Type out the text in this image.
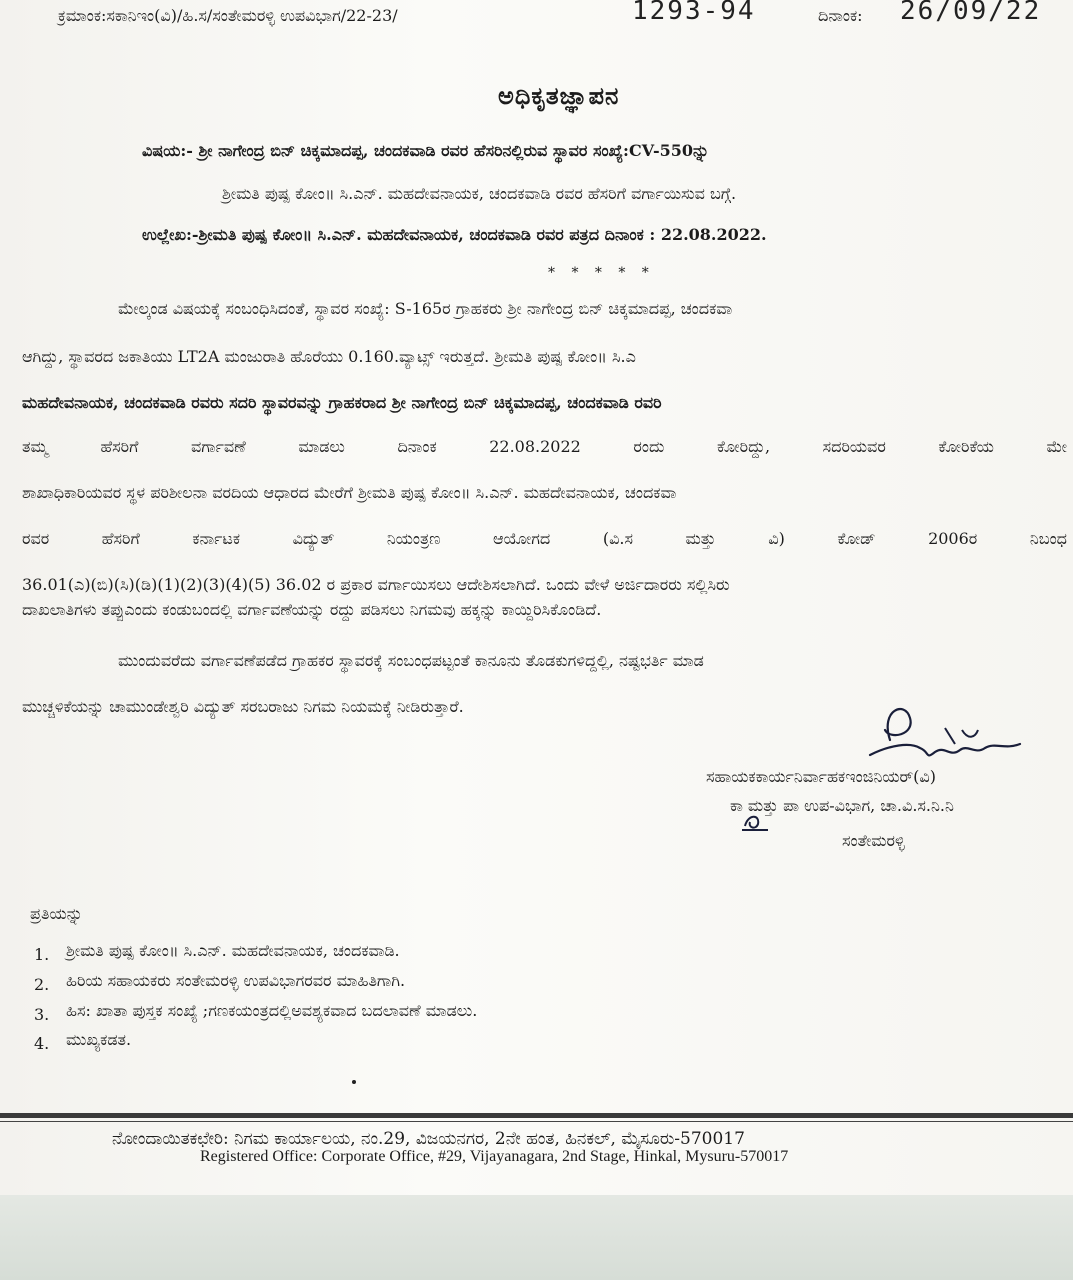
ಕ್ರಮಾಂಕ:ಸಕಾನಿಇಂ(ವಿ)/ಹಿ.ಸ/ಸಂತೇಮರಳ್ಳಿ ಉಪವಿಭಾಗ/22-23/	1293-94	ದಿನಾಂಕ: 26/09/22
ಅಧಿಕೃತಜ್ಞಾಪನ
ವಿಷಯ:- ಶ್ರೀ ನಾಗೇಂದ್ರ ಬಿನ್ ಚಿಕ್ಕಮಾದಪ್ಪ, ಚಂದಕವಾಡಿ ರವರ ಹೆಸರಿನಲ್ಲಿರುವ ಸ್ಥಾವರ ಸಂಖ್ಯೆ:CV-550ನ್ನು
ಶ್ರೀಮತಿ ಪುಷ್ಪ ಕೋಂ॥ ಸಿ.ಎನ್. ಮಹದೇವನಾಯಕ, ಚಂದಕವಾಡಿ ರವರ ಹೆಸರಿಗೆ ವರ್ಗಾಯಿಸುವ ಬಗ್ಗೆ.
ಉಲ್ಲೇಖ:-ಶ್ರೀಮತಿ ಪುಷ್ಪ ಕೋಂ॥ ಸಿ.ಎನ್. ಮಹದೇವನಾಯಕ, ಚಂದಕವಾಡಿ ರವರ ಪತ್ರದ ದಿನಾಂಕ : 22.08.2022.
* * * * *
ಮೇಲ್ಕಂಡ ವಿಷಯಕ್ಕೆ ಸಂಬಂಧಿಸಿದಂತೆ, ಸ್ಥಾವರ ಸಂಖ್ಯೆ: S-165ರ ಗ್ರಾಹಕರು ಶ್ರೀ ನಾಗೇಂದ್ರ ಬಿನ್ ಚಿಕ್ಕಮಾದಪ್ಪ, ಚಂದಕವಾ
ಆಗಿದ್ದು, ಸ್ಥಾವರದ ಜಕಾತಿಯು LT2A ಮಂಜುರಾತಿ ಹೊರೆಯು 0.160.ವ್ಯಾಟ್ಸ್ ಇರುತ್ತದೆ. ಶ್ರೀಮತಿ ಪುಷ್ಪ ಕೋಂ॥ ಸಿ.ಎ
ಮಹದೇವನಾಯಕ, ಚಂದಕವಾಡಿ ರವರು ಸದರಿ ಸ್ಥಾವರವನ್ನು ಗ್ರಾಹಕರಾದ ಶ್ರೀ ನಾಗೇಂದ್ರ ಬಿನ್ ಚಿಕ್ಕಮಾದಪ್ಪ, ಚಂದಕವಾಡಿ ರವರಿ
ತಮ್ಮ ಹೆಸರಿಗೆ ವರ್ಗಾವಣೆ ಮಾಡಲು ದಿನಾಂಕ 22.08.2022 ರಂದು ಕೋರಿದ್ದು, ಸದರಿಯವರ ಕೋರಿಕೆಯ ಮೇ
ಶಾಖಾಧಿಕಾರಿಯವರ ಸ್ಥಳ ಪರಿಶೀಲನಾ ವರದಿಯ ಆಧಾರದ ಮೇರೆಗೆ ಶ್ರೀಮತಿ ಪುಷ್ಪ ಕೋಂ॥ ಸಿ.ಎನ್. ಮಹದೇವನಾಯಕ, ಚಂದಕವಾ
ರವರ ಹೆಸರಿಗೆ ಕರ್ನಾಟಕ ವಿದ್ಯುತ್ ನಿಯಂತ್ರಣ ಆಯೋಗದ (ವಿ.ಸ ಮತ್ತು ವಿ) ಕೋಡ್ 2006ರ ನಿಬಂಧ
36.01(ಎ)(ಬಿ)(ಸಿ)(ಡಿ)(1)(2)(3)(4)(5) 36.02 ರ ಪ್ರಕಾರ ವರ್ಗಾಯಿಸಲು ಆದೇಶಿಸಲಾಗಿದೆ. ಒಂದು ವೇಳೆ ಅರ್ಜಿದಾರರು ಸಲ್ಲಿಸಿರು
ದಾಖಲಾತಿಗಳು ತಪ್ಪುಎಂದು ಕಂಡುಬಂದಲ್ಲಿ ವರ್ಗಾವಣೆಯನ್ನು ರದ್ದು ಪಡಿಸಲು ನಿಗಮವು ಹಕ್ಕನ್ನು ಕಾಯ್ದಿರಿಸಿಕೊಂಡಿದೆ.
ಮುಂದುವರೆದು ವರ್ಗಾವಣೆಪಡೆದ ಗ್ರಾಹಕರ ಸ್ಥಾವರಕ್ಕೆ ಸಂಬಂಧಪಟ್ಟಂತೆ ಕಾನೂನು ತೊಡಕುಗಳಿದ್ದಲ್ಲಿ, ನಷ್ಟಭರ್ತಿ ಮಾಡ
ಮುಚ್ಚಳಿಕೆಯನ್ನು ಚಾಮುಂಡೇಶ್ವರಿ ವಿದ್ಯುತ್ ಸರಬರಾಜು ನಿಗಮ ನಿಯಮಕ್ಕೆ ನೀಡಿರುತ್ತಾರೆ.
ಸಹಾಯಕಕಾರ್ಯನಿರ್ವಾಹಕಇಂಜಿನಿಯರ್(ವಿ)
ಕಾ ಮತ್ತು ಪಾ ಉಪ-ವಿಭಾಗ, ಚಾ.ವಿ.ಸ.ನಿ.ನಿ
ಸಂತೇಮರಳ್ಳಿ
ಪ್ರತಿಯನ್ನು
1. ಶ್ರೀಮತಿ ಪುಷ್ಪ ಕೋಂ॥ ಸಿ.ಎನ್. ಮಹದೇವನಾಯಕ, ಚಂದಕವಾಡಿ.
2. ಹಿರಿಯ ಸಹಾಯಕರು ಸಂತೇಮರಳ್ಳಿ ಉಪವಿಭಾಗರವರ ಮಾಹಿತಿಗಾಗಿ.
3. ಹಿಸ: ಖಾತಾ ಪುಸ್ತಕ ಸಂಖ್ಯೆ ;ಗಣಕಯಂತ್ರದಲ್ಲಿಅವಶ್ಯಕವಾದ ಬದಲಾವಣೆ ಮಾಡಲು.
4. ಮುಖ್ಯಕಡತ.
ನೋಂದಾಯಿತಕಛೇರಿ: ನಿಗಮ ಕಾರ್ಯಾಲಯ, ನಂ.29, ವಿಜಯನಗರ, 2ನೇ ಹಂತ, ಹಿನಕಲ್, ಮೈಸೂರು-570017
Registered Office: Corporate Office, #29, Vijayanagara, 2nd Stage, Hinkal, Mysuru-570017
